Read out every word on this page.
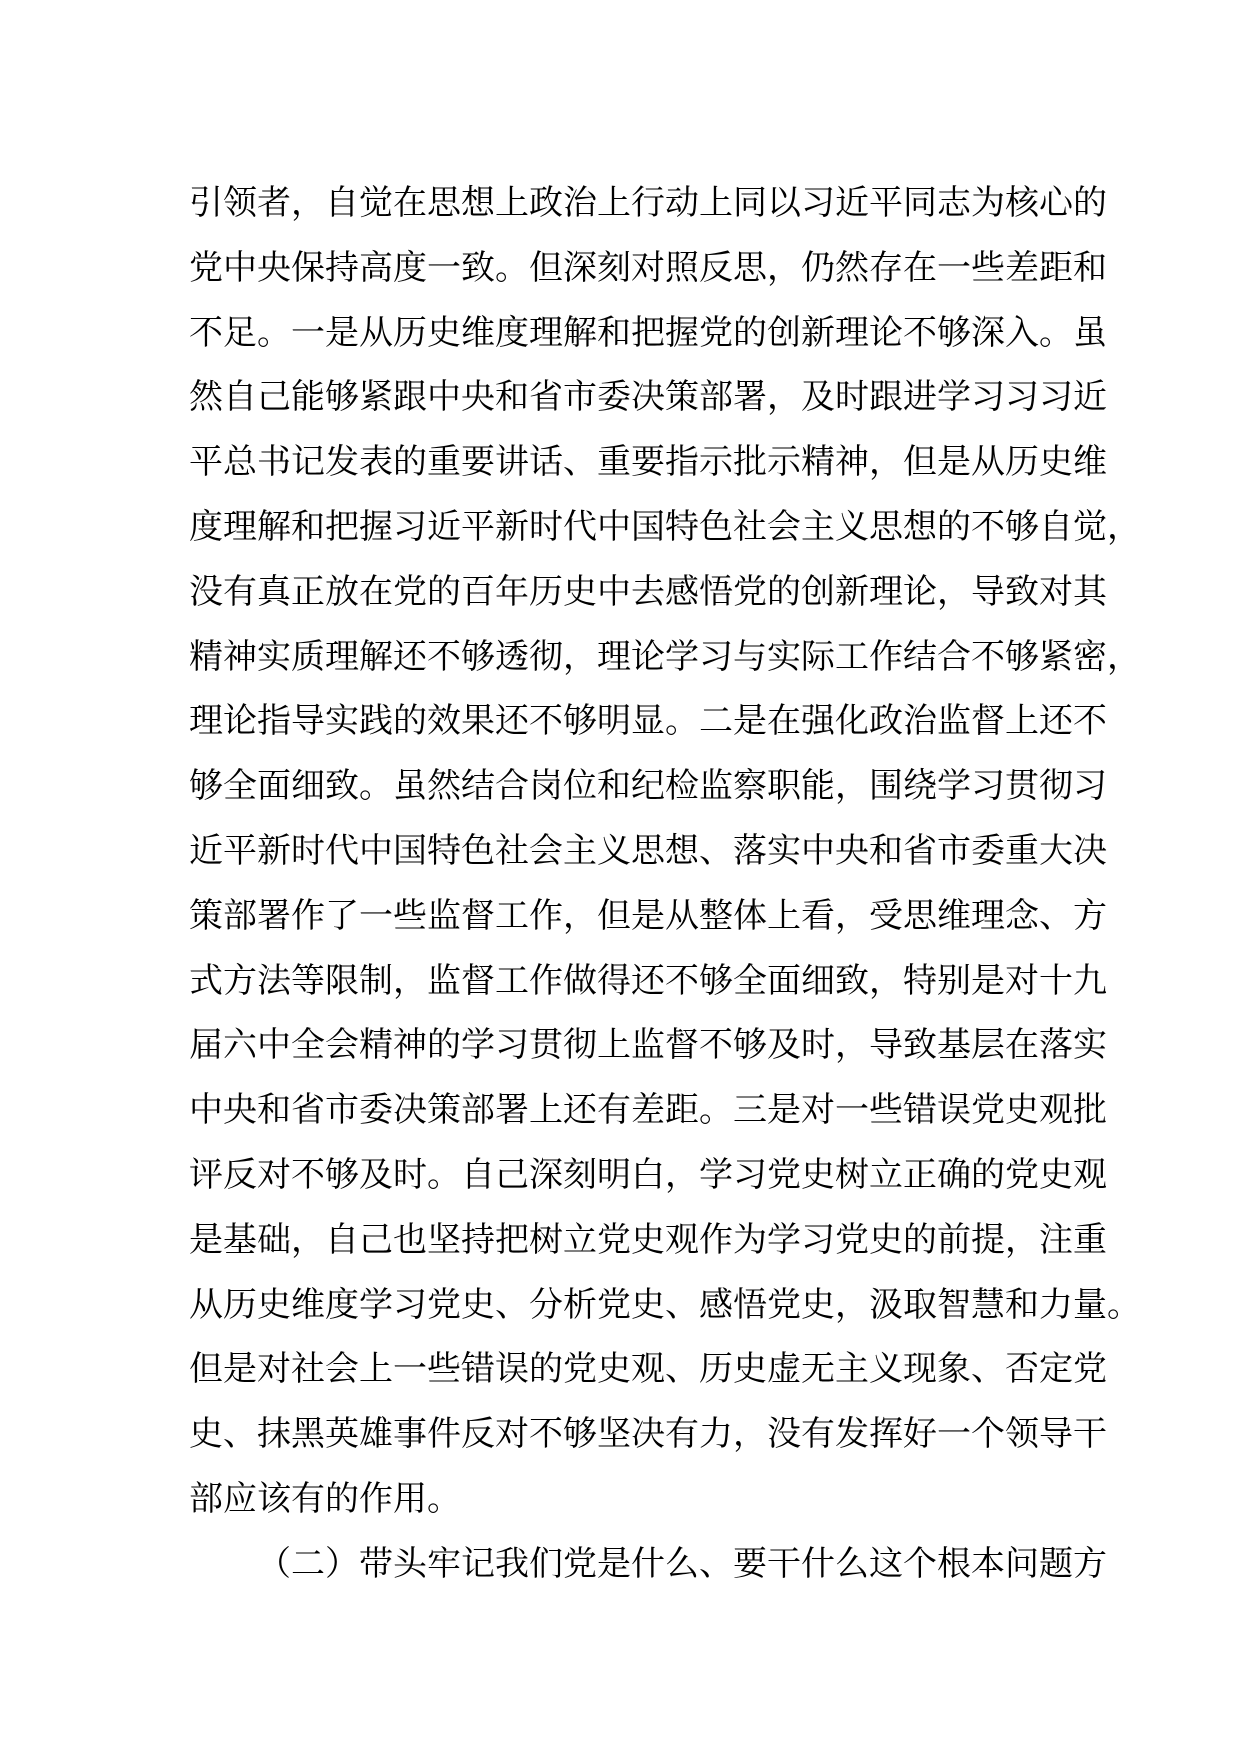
引领者，自觉在思想上政治上行动上同以习近平同志为核心的
党中央保持高度一致。但深刻对照反思，仍然存在一些差距和
不足。一是从历史维度理解和把握党的创新理论不够深入。虽
然自己能够紧跟中央和省市委决策部署，及时跟进学习习习近
平总书记发表的重要讲话、重要指示批示精神，但是从历史维
度理解和把握习近平新时代中国特色社会主义思想的不够自觉，
没有真正放在党的百年历史中去感悟党的创新理论，导致对其
精神实质理解还不够透彻，理论学习与实际工作结合不够紧密，
理论指导实践的效果还不够明显。二是在强化政治监督上还不
够全面细致。虽然结合岗位和纪检监察职能，围绕学习贯彻习
近平新时代中国特色社会主义思想、落实中央和省市委重大决
策部署作了一些监督工作，但是从整体上看，受思维理念、方
式方法等限制，监督工作做得还不够全面细致，特别是对十九
届六中全会精神的学习贯彻上监督不够及时，导致基层在落实
中央和省市委决策部署上还有差距。三是对一些错误党史观批
评反对不够及时。自己深刻明白，学习党史树立正确的党史观
是基础，自己也坚持把树立党史观作为学习党史的前提，注重
从历史维度学习党史、分析党史、感悟党史，汲取智慧和力量。
但是对社会上一些错误的党史观、历史虚无主义现象、否定党
史、抹黑英雄事件反对不够坚决有力，没有发挥好一个领导干
部应该有的作用。
（二）带头牢记我们党是什么、要干什么这个根本问题方
